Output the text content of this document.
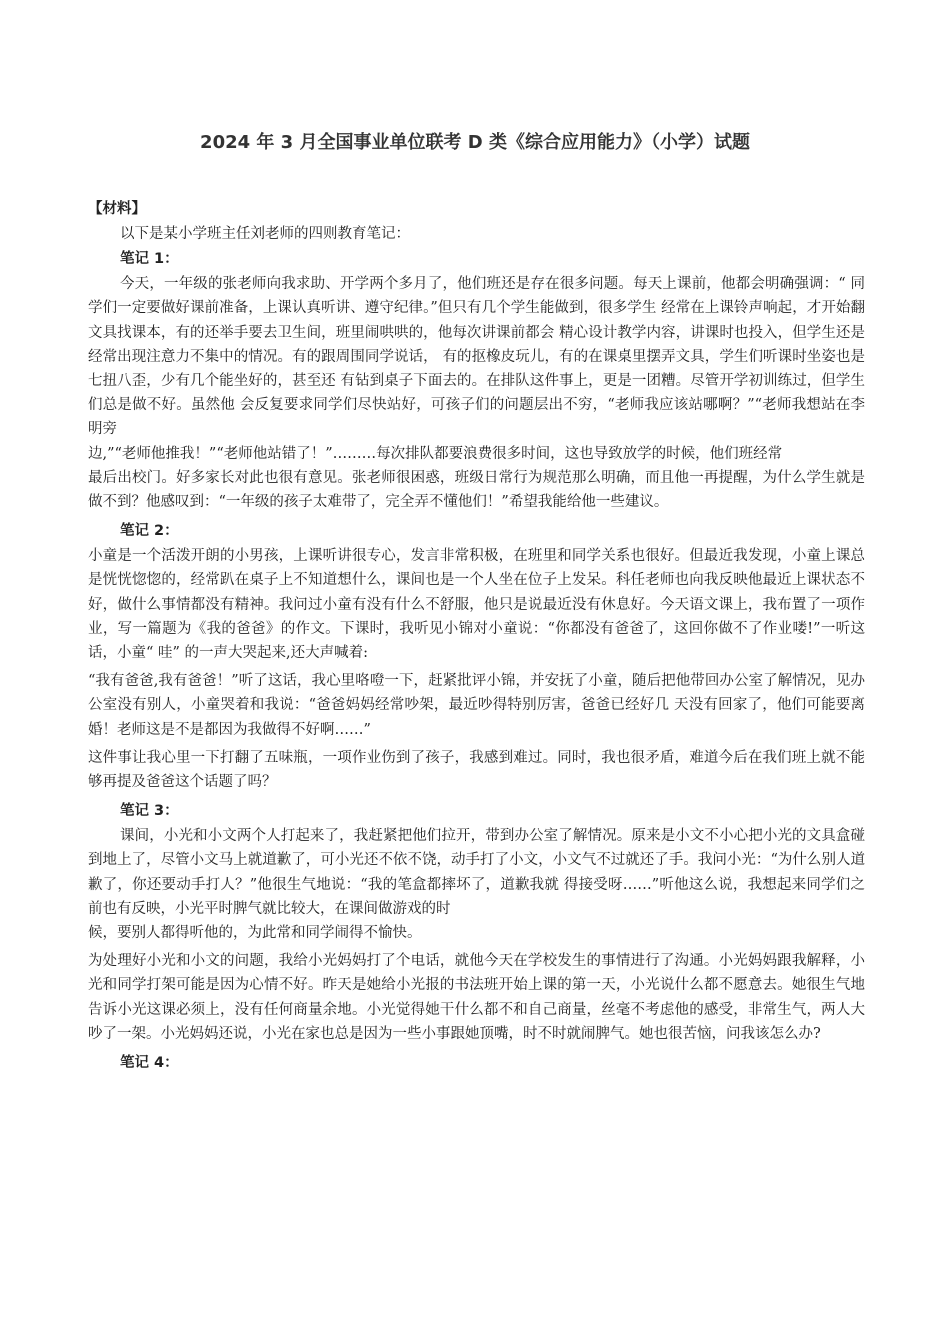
2024 年 3 月全国事业单位联考 D 类《综合应用能力》（小学）试题

【材料】

以下是某小学班主任刘老师的四则教育笔记：

笔记 1：

今天，一年级的张老师向我求助、开学两个多月了，他们班还是存在很多问题。每天上课前，他都会明确强调：“ 同学们一定要做好课前准备，上课认真听讲、遵守纪律。”但只有几个学生能做到，很多学生 经常在上课铃声响起，才开始翻文具找课本，有的还举手要去卫生间，班里闹哄哄的，他每次讲课前都会 精心设计教学内容，讲课时也投入，但学生还是经常出现注意力不集中的情况。有的跟周围同学说话， 有的抠橡皮玩儿，有的在课桌里摆弄文具，学生们听课时坐姿也是七扭八歪，少有几个能坐好的，甚至还 有钻到桌子下面去的。在排队这件事上，更是一团糟。尽管开学初训练过，但学生们总是做不好。虽然他 会反复要求同学们尽快站好，可孩子们的问题层出不穷，“老师我应该站哪啊？”“老师我想站在李明旁

边,”“老师他推我！”“老师他站错了！”………每次排队都要浪费很多时间，这也导致放学的时候，他们班经常

最后出校门。好多家长对此也很有意见。张老师很困惑，班级日常行为规范那么明确，而且他一再提醒，为什么学生就是做不到？他感叹到：“一年级的孩子太难带了，完全弄不懂他们！”希望我能给他一些建议。

笔记 2：

小童是一个活泼开朗的小男孩，上课听讲很专心，发言非常积极，在班里和同学关系也很好。但最近我发现，小童上课总是恍恍惚惚的，经常趴在桌子上不知道想什么，课间也是一个人坐在位子上发呆。科任老师也向我反映他最近上课状态不好，做什么事情都没有精神。我问过小童有没有什么不舒服，他只是说最近没有休息好。今天语文课上，我布置了一项作业，写一篇题为《我的爸爸》的作文。下课时，我听见小锦对小童说：“你都没有爸爸了，这回你做不了作业喽!”一听这话，小童“ 哇” 的一声大哭起来,还大声喊着:

“我有爸爸,我有爸爸！”听了这话，我心里咯噔一下，赶紧批评小锦，并安抚了小童，随后把他带回办公室了解情况，见办公室没有别人，小童哭着和我说：“爸爸妈妈经常吵架，最近吵得特别厉害，爸爸已经好几 天没有回家了，他们可能要离婚！老师这是不是都因为我做得不好啊……”

这件事让我心里一下打翻了五味瓶，一项作业伤到了孩子，我感到难过。同时，我也很矛盾，难道今后在我们班上就不能够再提及爸爸这个话题了吗？

笔记 3：

课间，小光和小文两个人打起来了，我赶紧把他们拉开，带到办公室了解情况。原来是小文不小心把小光的文具盒碰到地上了，尽管小文马上就道歉了，可小光还不依不饶，动手打了小文，小文气不过就还了手。我问小光：“为什么别人道歉了，你还要动手打人？”他很生气地说：“我的笔盒都摔坏了，道歉我就 得接受呀……”听他这么说，我想起来同学们之前也有反映，小光平时脾气就比较大，在课间做游戏的时

候，要别人都得听他的，为此常和同学闹得不愉快。

为处理好小光和小文的问题，我给小光妈妈打了个电话，就他今天在学校发生的事情进行了沟通。小光妈妈跟我解释，小光和同学打架可能是因为心情不好。昨天是她给小光报的书法班开始上课的第一天，小光说什么都不愿意去。她很生气地告诉小光这课必须上，没有任何商量余地。小光觉得她干什么都不和自己商量，丝毫不考虑他的感受，非常生气，两人大吵了一架。小光妈妈还说，小光在家也总是因为一些小事跟她顶嘴，时不时就闹脾气。她也很苦恼，问我该怎么办?

笔记 4：
